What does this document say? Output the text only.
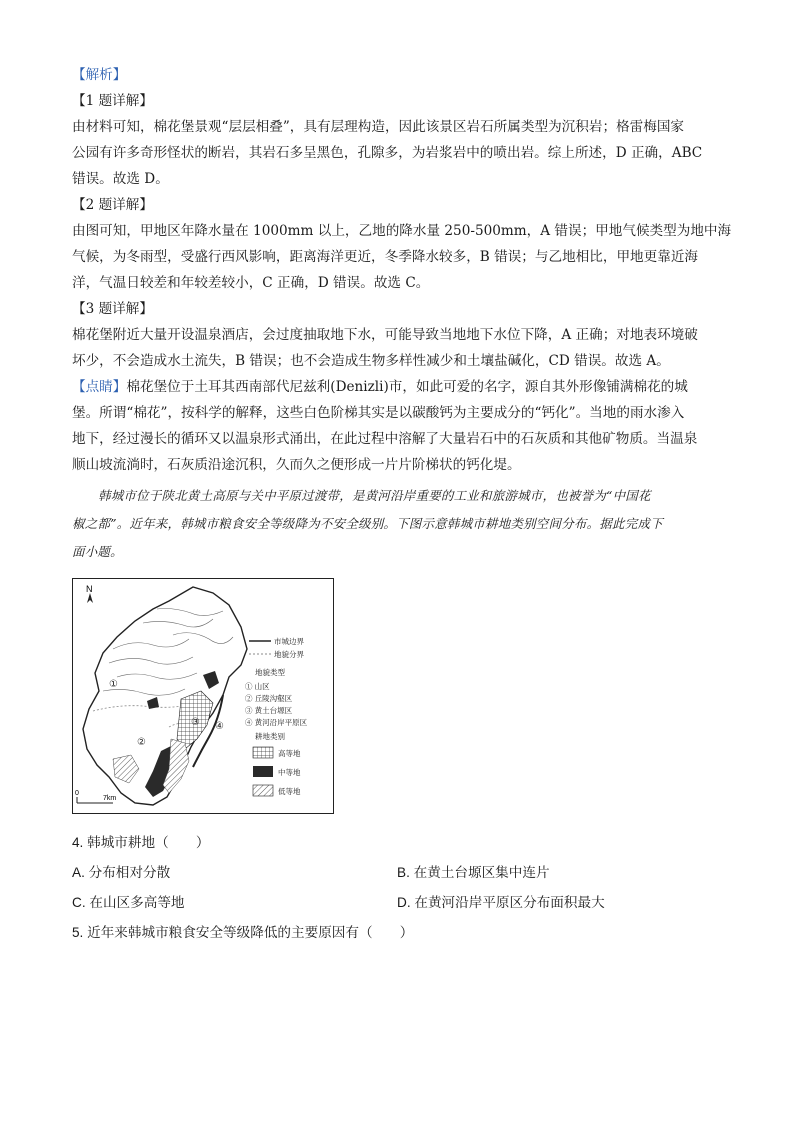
【解析】

【1 题详解】

由材料可知，棉花堡景观“层层相叠”，具有层理构造，因此该景区岩石所属类型为沉积岩；格雷梅国家

公园有许多奇形怪状的断岩，其岩石多呈黑色，孔隙多，为岩浆岩中的喷出岩。综上所述，D 正确，ABC

错误。故选 D。

【2 题详解】

由图可知，甲地区年降水量在 1000mm 以上，乙地的降水量 250-500mm，A 错误；甲地气候类型为地中海

气候，为冬雨型，受盛行西风影响，距离海洋更近，冬季降水较多，B 错误；与乙地相比，甲地更靠近海

洋，气温日较差和年较差较小，C 正确，D 错误。故选 C。

【3 题详解】

棉花堡附近大量开设温泉酒店，会过度抽取地下水，可能导致当地地下水位下降，A 正确；对地表环境破

坏少，不会造成水土流失，B 错误；也不会造成生物多样性减少和土壤盐碱化，CD 错误。故选 A。

【点睛】棉花堡位于土耳其西南部代尼兹利(Denizli)市，如此可爱的名字，源自其外形像铺满棉花的城

堡。所谓“棉花”，按科学的解释，这些白色阶梯其实是以碳酸钙为主要成分的“钙化”。当地的雨水渗入

地下，经过漫长的循环又以温泉形式涌出，在此过程中溶解了大量岩石中的石灰质和其他矿物质。当温泉

顺山坡流淌时，石灰质沿途沉积，久而久之便形成一片片阶梯状的钙化堤。

韩城市位于陕北黄土高原与关中平原过渡带，是黄河沿岸重要的工业和旅游城市，也被誉为“中国花

椒之都”。近年来，韩城市粮食安全等级降为不安全级别。下图示意韩城市耕地类别空间分布。据此完成下

面小题。

N
①
②
③ ④
0
7km
市城边界
地貌分界
地貌类型
① 山区
② 丘陵沟壑区
③ 黄土台塬区
④ 黄河沿岸平原区
耕地类别
高等地
中等地
低等地

4. 韩城市耕地（　　）

A. 分布相对分散	B. 在黄土台塬区集中连片
C. 在山区多高等地	D. 在黄河沿岸平原区分布面积最大

5. 近年来韩城市粮食安全等级降低的主要原因有（　　）
